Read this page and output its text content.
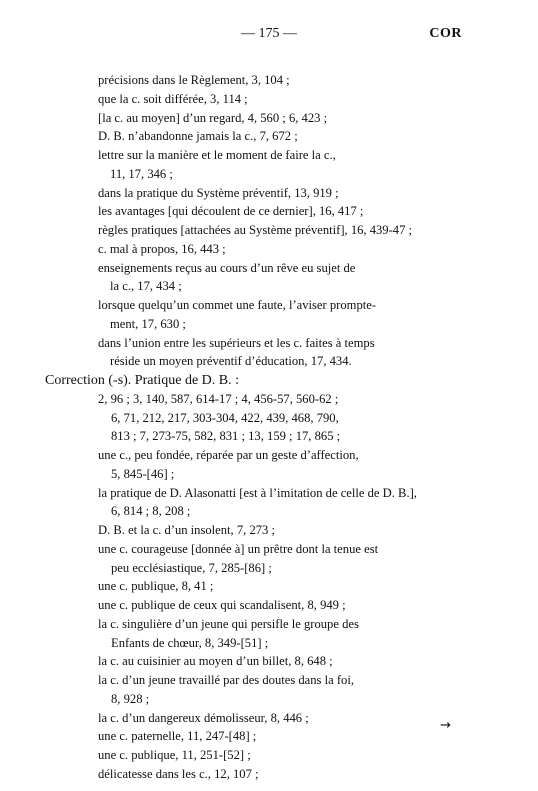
— 175 —	COR
précisions dans le Règlement, 3, 104 ;
que la c. soit différée, 3, 114 ;
[la c. au moyen] d’un regard, 4, 560 ; 6, 423 ;
D. B. n’abandonne jamais la c., 7, 672 ;
lettre sur la manière et le moment de faire la c.,
11, 17, 346 ;
dans la pratique du Système préventif, 13, 919 ;
les avantages [qui découlent de ce dernier], 16, 417 ;
règles pratiques [attachées au Système préventif], 16, 439-47 ;
c. mal à propos, 16, 443 ;
enseignements reçus au cours d’un rêve eu sujet de
la c., 17, 434 ;
lorsque quelqu’un commet une faute, l’aviser prompte-
ment, 17, 630 ;
dans l’union entre les supérieurs et les c. faites à temps
réside un moyen préventif d’éducation, 17, 434.
Correction (-s). Pratique de D. B. :
2, 96 ; 3, 140, 587, 614-17 ; 4, 456-57, 560-62 ;
6, 71, 212, 217, 303-304, 422, 439, 468, 790,
813 ; 7, 273-75, 582, 831 ; 13, 159 ; 17, 865 ;
une c., peu fondée, réparée par un geste d’affection,
5, 845-[46] ;
la pratique de D. Alasonatti [est à l’imitation de celle de D. B.],
6, 814 ; 8, 208 ;
D. B. et la c. d’un insolent, 7, 273 ;
une c. courageuse [donnée à] un prêtre dont la tenue est
peu ecclésiastique, 7, 285-[86] ;
une c. publique, 8, 41 ;
une c. publique de ceux qui scandalisent, 8, 949 ;
la c. singulière d’un jeune qui persifle le groupe des
Enfants de chœur, 8, 349-[51] ;
la c. au cuisinier au moyen d’un billet, 8, 648 ;
la c. d’un jeune travaillé par des doutes dans la foi,
8, 928 ;
la c. d’un dangereux démolisseur, 8, 446 ;
une c. paternelle, 11, 247-[48] ;
une c. publique, 11, 251-[52] ;
délicatesse dans les c., 12, 107 ;
→
